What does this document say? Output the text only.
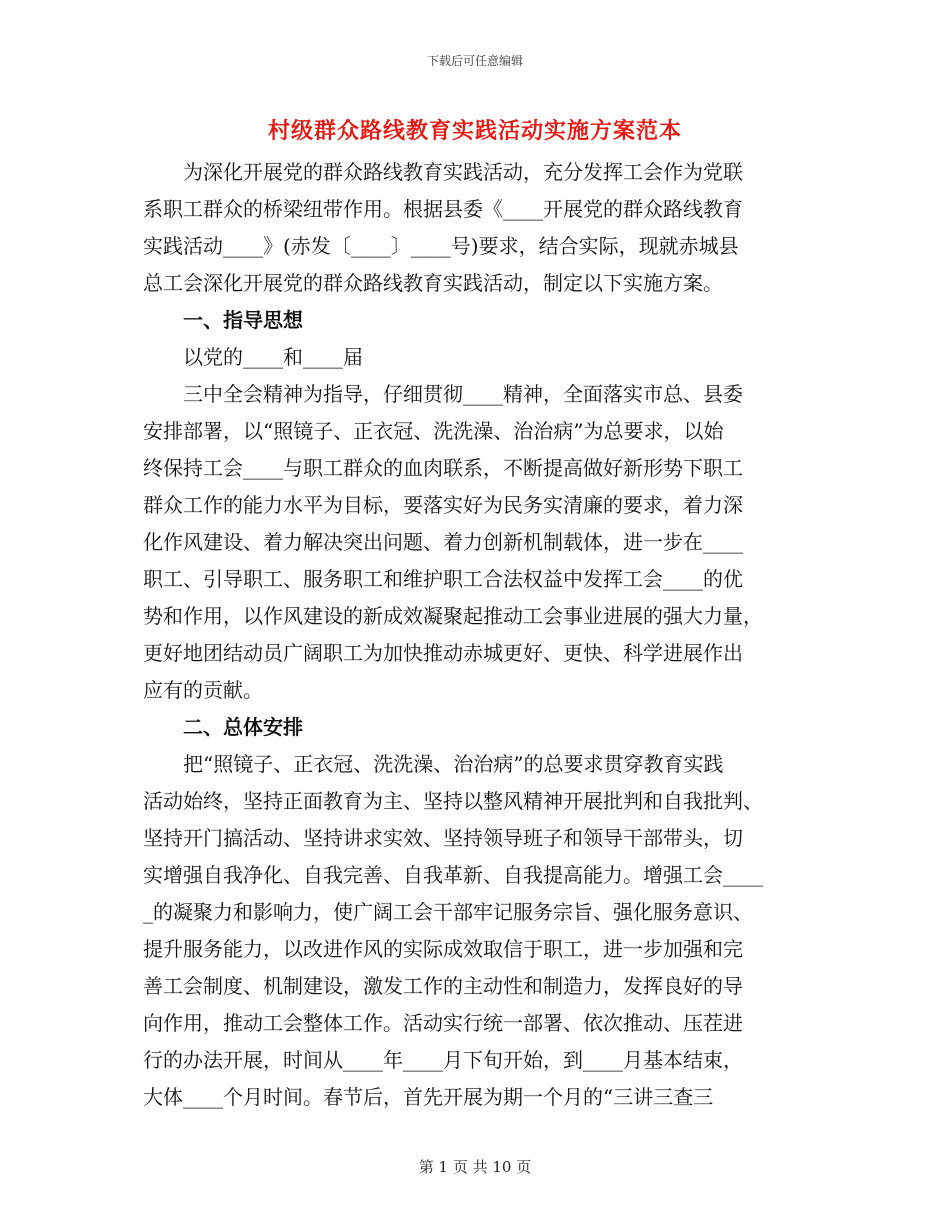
下载后可任意编辑
村级群众路线教育实践活动实施方案范本
　　为深化开展党的群众路线教育实践活动，充分发挥工会作为党联
系职工群众的桥梁纽带作用。根据县委《____开展党的群众路线教育
实践活动____》(赤发〔____〕____号)要求，结合实际，现就赤城县
总工会深化开展党的群众路线教育实践活动，制定以下实施方案。
　　一、指导思想
　　以党的____和____届
　　三中全会精神为指导，仔细贯彻____精神，全面落实市总、县委
安排部署，以“照镜子、正衣冠、洗洗澡、治治病”为总要求，以始
终保持工会____与职工群众的血肉联系，不断提高做好新形势下职工
群众工作的能力水平为目标，要落实好为民务实清廉的要求，着力深
化作风建设、着力解决突出问题、着力创新机制载体，进一步在____
职工、引导职工、服务职工和维护职工合法权益中发挥工会____的优
势和作用，以作风建设的新成效凝聚起推动工会事业进展的强大力量，
更好地团结动员广阔职工为加快推动赤城更好、更快、科学进展作出
应有的贡献。
　　二、总体安排
　　把“照镜子、正衣冠、洗洗澡、治治病”的总要求贯穿教育实践
活动始终，坚持正面教育为主、坚持以整风精神开展批判和自我批判、
坚持开门搞活动、坚持讲求实效、坚持领导班子和领导干部带头，切
实增强自我净化、自我完善、自我革新、自我提高能力。增强工会____
_的凝聚力和影响力，使广阔工会干部牢记服务宗旨、强化服务意识、
提升服务能力，以改进作风的实际成效取信于职工，进一步加强和完
善工会制度、机制建设，激发工作的主动性和制造力，发挥良好的导
向作用，推动工会整体工作。活动实行统一部署、依次推动、压茬进
行的办法开展，时间从____年____月下旬开始，到____月基本结束，
大体____个月时间。春节后，首先开展为期一个月的“三讲三查三
第 1 页 共 10 页
